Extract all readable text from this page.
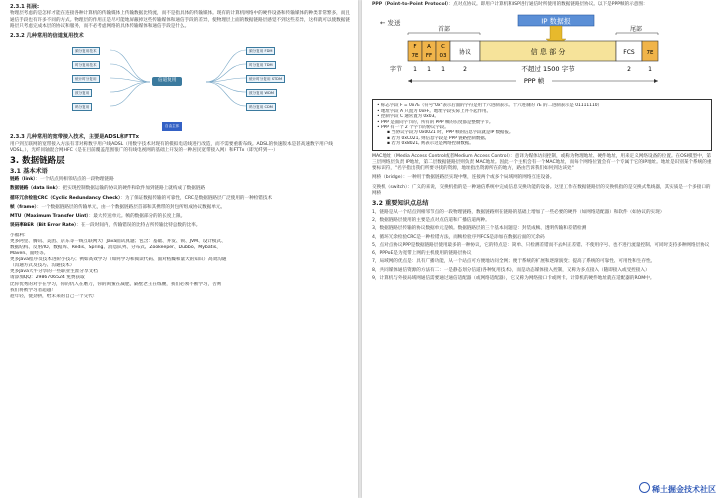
2.3.1 拓展:
物理层考虑的是怎样才能在连接各种计算机的传输媒体上传输数据比特流，而不是指具体的传输媒体。现有的计算机网络中的硬件设备和传输媒体的种类非常繁多，而且通信手段也有许多不同的方式。物理层的作用正是尽可能地屏蔽掉这些传输媒体和通信手段的差异，使物理层上面的数据链路层感觉不到这些差异，这样就可以使数据链路层只考虑完成本层的协议和服务，而不必考虑网络的具体传输媒体和通信手段是什么。
2.3.2 几种常用的信道复用技术
频分复用技术
时分复用技术
统计时分复用
波分复用
码分复用
信道复用
频分复用 FDM
时分复用 TDM
统计时分复用 STDM
波分复用 WDM
码分复用 CDM
自由主体
2.3.3 几种常用的宽带接入技术，主要是ADSL和FTTx
用户到互联网的宽带接入方法有非对称数字用户线ADSL（用数字技术对现有的模拟电话线进行改造，而不需要重新布线。ADSL的快速版本是甚高速数字用户线VDSL。），光纤同轴混合网HFC（是在目前覆盖范围很广的有线电视网的基础上开发的一种居民宽带接入网）和FTTx（即光纤到····）
3. 数据链路层
3.1 基本术语
链路（link）：一个结点到相邻结点的一段物理链路
数据链路（data link）：把实现控制数据运输的协议的硬件和软件加到链路上就构成了数据链路
循环冗余检验CRC（Cyclic Redundancy Check）：为了保证数据传输的可靠性，CRC是数据链路层广泛使用的一种检错技术
帧（frame）：一个数据链路层的传输单元，由一个数据链路层首部和其携带的封包所组成协议数据单元。
MTU（Maximum Transfer Uint）：最大传送单元。帧的数据部分的的长度上限。
误码率BER（Bit Error Rate）：在一段时间内，传输错误的比特占所传输比特总数的比率。
小福利：
更多阿里、腾讯、美团、京东等一线互联网大厂Java面试真题；包含：基础、并发、锁、JVM、设计模式、
数据结构、反射/IO、数据库、Redis、Spring、消息队列、分布式、Zookeeper、Dubbo、Mybatis、
Maven、面经等。
更多Java程序员技术进阶小技巧；例如高效学习（如何学习和阅读代码、面对枯燥和量大的知识）高效沟通
（沟通方式及技巧、沟通技术）
更多Java大牛分享的一些职业生涯分享文档
请添加QQ：2986706524 免费获取
比你优秀的对手在学习，你的仇人在磨刀，你的闺蜜在减肥，隔壁老王在练腰，我们必须不断学习，否则
我们将被学习者超越！
趁年轻，使劲拼，给未来的自己一个交代！
PPP（Point-to-Point Protocol）：点对点协议。即用户计算机和ISP进行通信时所使用的数据链路层协议。以下是PPP帧的示意图：
IP 数据报
← 发送
首部	尾部
F A C
7E FF 03 协议	信 息 部 分	FCS 7E
字节 1 1 1	2	不超过 1500 字节	2	1
PPP 帧
• 标志字段 F = 0x7E（符号"0x"表示后面的字符是用十六进制表示。十六进制的 7E 的二进制表示是 01111110）
• 地址字段 A 只置为 0xFF。地址字段实际上并不起作用。
• 控制字段 C 通常置为 0x03。
• PPP 是面向字节的，所有的 PPP 帧的长度都是整数字节。
• PPP 有一个 2 个字节的协议字段。
▪ 当协议字段为 0x0021 时，PPP 帧的信息字段就是IP 数据报。
▪ 若为 0xC021, 则信息字段是 PPP 链路控制数据。
▪ 若为 0x8021, 则表示这是网络控制数据。
MAC地址（Media Access Control或者Medium Access Control）：意译为媒体访问控制，或称为物理地址、硬件地址，用来定义网络设备的位置。在OSI模型中，第三层网络层负责 IP地址，第二层数据链路层则负责 MAC地址。因此一个主机会有一个MAC地址，而每个网络位置会有一个专属于它的IP地址。地址是识别某个系统的重要标识符，"名字指出我们所要寻找的资源，地址指出资源所在的地方，路由告诉我们如何到达该处"
网桥（bridge）：一种用于数据链路层实现中继，连接两个或多个局域网的网络互连设备。
交换机（switch）：广义的来说，交换机指的是一种通信系统中完成信息交换功能的设备。这里工作在数据链路层的交换机指的是交换式集线器，其实质是一个多接口的网桥
3.2 重要知识点总结
1，链路是从一个结点到相邻节点的一段物理链路，数据链路则在链路的基础上增加了一些必要的硬件（如网络适配器）和软件（如协议的实现）
2，数据链路层使用的主要是点对点信道和广播信道两种。
3，数据链路层传输的协议数据单元是帧。数据链路层的三个基本问题是：封装成帧、透明传输和差错检测
4，循环冗余检验CRC是一种检错方法，而帧检验序列FCS是添加在数据后面的冗余码
5，点对点协议PPP是数据链路层使用最多的一种协议，它的特点是：简单、只检测差错而不去纠正差错、不使用序号、也不进行流量控制、可同时支持多种网络层协议
6，PPPoE是为宽带上网的主机使用的链路层协议
7，局域网的优点是：具有广播功能，从一个站点可方便地访问全网；便于系统的扩展和逐渐演变；提高了系统的可靠性、可用性和生存性。
8，共同媒体通信资源的方法有二：一是静态划分信道(各种复用技术)，而是动态媒体接入控制，又称为多点接入（随即接入或受控接入）
9，计算机与外接局域网通信需要通过通信适配器（或网络适配器），它又称为网络接口卡或网卡。计算机的硬件地址就在适配器的ROM中。
稀土掘金技术社区
